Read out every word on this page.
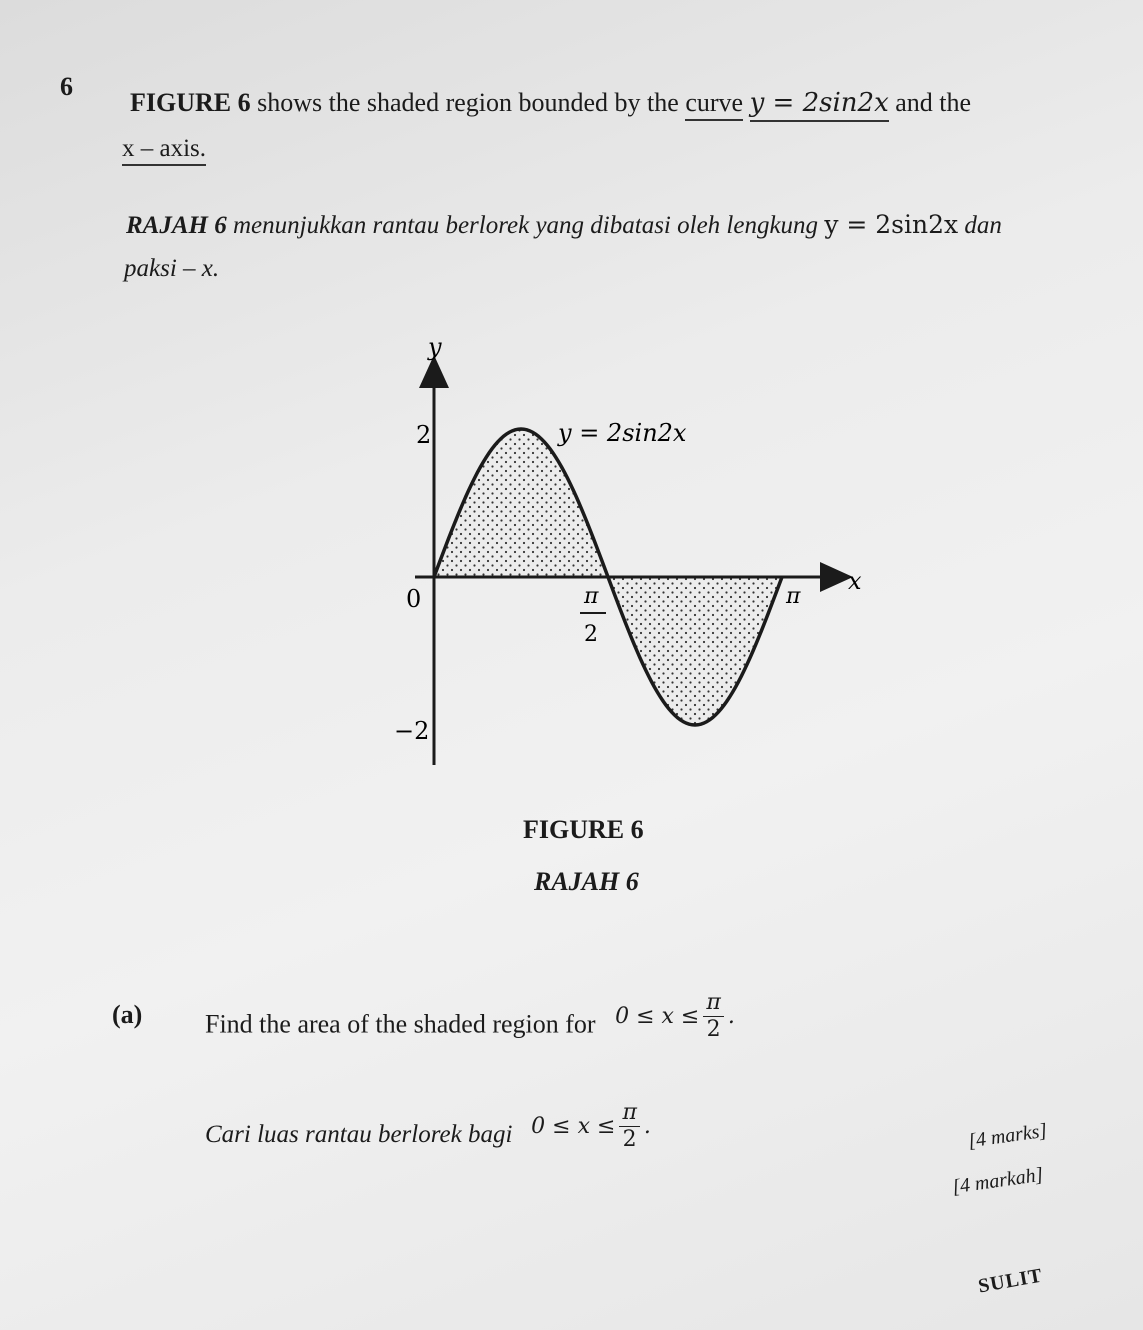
6
FIGURE 6 shows the shaded region bounded by the curve y = 2sin2x and the
x – axis.
RAJAH 6 menunjukkan rantau berlorek yang dibatasi oleh lengkung y = 2sin2x dan
paksi – x.
y
x
2
−2
0	π
2
π
y = 2sin2x
FIGURE 6
RAJAH 6
(a) Find the area of the shaded region for $0 \le x \le \frac{\pi}{2}$ .
Cari luas rantau berlorek bagi $0 \le x \le \frac{\pi}{2}$ .	[4 marks]
[4 markah]
SULIT
